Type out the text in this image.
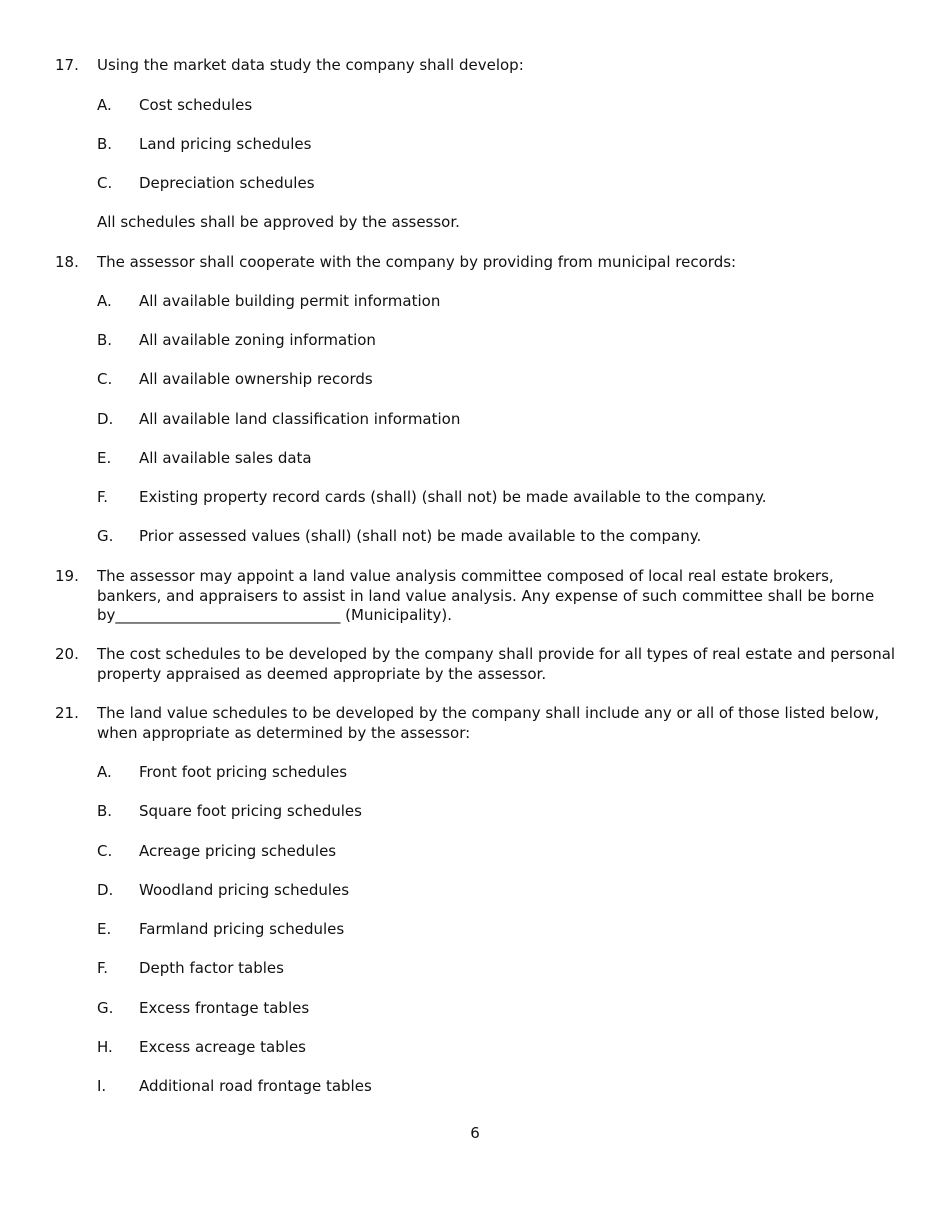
17. Using the market data study the company shall develop:
A. Cost schedules
B. Land pricing schedules
C. Depreciation schedules
All schedules shall be approved by the assessor.
18. The assessor shall cooperate with the company by providing from municipal records:
A. All available building permit information
B. All available zoning information
C. All available ownership records
D. All available land classification information
E. All available sales data
F. Existing property record cards (shall) (shall not) be made available to the company.
G. Prior assessed values (shall) (shall not) be made available to the company.
19. The assessor may appoint a land value analysis committee composed of local real estate brokers, bankers, and appraisers to assist in land value analysis. Any expense of such committee shall be borne by______________________________ (Municipality).
20. The cost schedules to be developed by the company shall provide for all types of real estate and personal property appraised as deemed appropriate by the assessor.
21. The land value schedules to be developed by the company shall include any or all of those listed below, when appropriate as determined by the assessor:
A. Front foot pricing schedules
B. Square foot pricing schedules
C. Acreage pricing schedules
D. Woodland pricing schedules
E. Farmland pricing schedules
F. Depth factor tables
G. Excess frontage tables
H. Excess acreage tables
I. Additional road frontage tables
6
